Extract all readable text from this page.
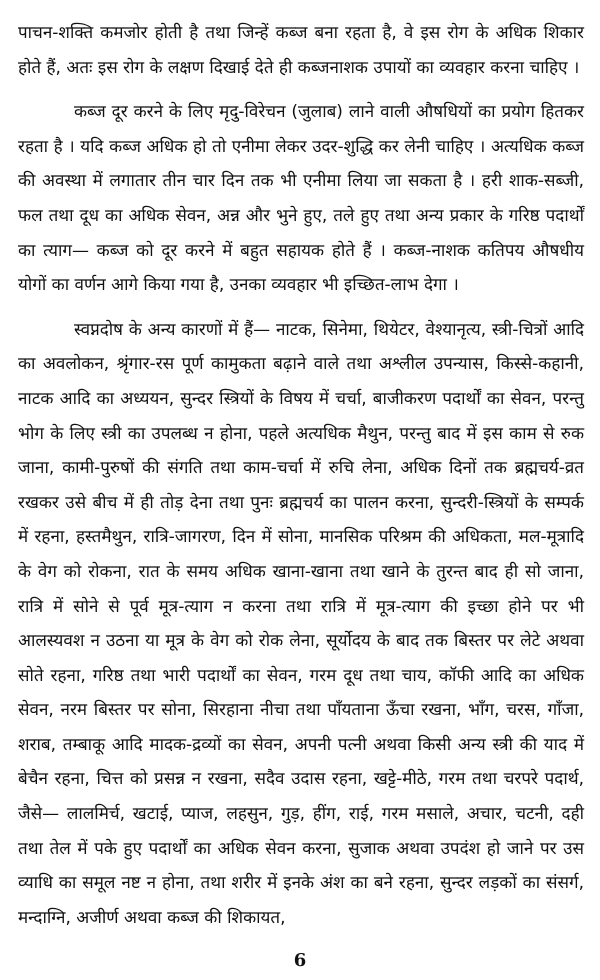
पाचन-शक्ति कमजोर होती है तथा जिन्हें कब्ज बना रहता है, वे इस रोग के अधिक शिकार होते हैं, अतः इस रोग के लक्षण दिखाई देते ही कब्जनाशक उपायों का व्यवहार करना चाहिए ।

कब्ज दूर करने के लिए मृदु-विरेचन (जुलाब) लाने वाली औषधियों का प्रयोग हितकर रहता है । यदि कब्ज अधिक हो तो एनीमा लेकर उदर-शुद्धि कर लेनी चाहिए । अत्यधिक कब्ज की अवस्था में लगातार तीन चार दिन तक भी एनीमा लिया जा सकता है । हरी शाक-सब्जी, फल तथा दूध का अधिक सेवन, अन्न और भुने हुए, तले हुए तथा अन्य प्रकार के गरिष्ठ पदार्थों का त्याग— कब्ज को दूर करने में बहुत सहायक होते हैं । कब्ज-नाशक कतिपय औषधीय योगों का वर्णन आगे किया गया है, उनका व्यवहार भी इच्छित-लाभ देगा ।

स्वप्नदोष के अन्य कारणों में हैं— नाटक, सिनेमा, थियेटर, वेश्यानृत्य, स्त्री-चित्रों आदि का अवलोकन, श्रृंगार-रस पूर्ण कामुकता बढ़ाने वाले तथा अश्लील उपन्यास, किस्से-कहानी, नाटक आदि का अध्ययन, सुन्दर स्त्रियों के विषय में चर्चा, बाजीकरण पदार्थों का सेवन, परन्तु भोग के लिए स्त्री का उपलब्ध न होना, पहले अत्यधिक मैथुन, परन्तु बाद में इस काम से रुक जाना, कामी-पुरुषों की संगति तथा काम-चर्चा में रुचि लेना, अधिक दिनों तक ब्रह्मचर्य-व्रत रखकर उसे बीच में ही तोड़ देना तथा पुनः ब्रह्मचर्य का पालन करना, सुन्दरी-स्त्रियों के सम्पर्क में रहना, हस्तमैथुन, रात्रि-जागरण, दिन में सोना, मानसिक परिश्रम की अधिकता, मल-मूत्रादि के वेग को रोकना, रात के समय अधिक खाना-खाना तथा खाने के तुरन्त बाद ही सो जाना, रात्रि में सोने से पूर्व मूत्र-त्याग न करना तथा रात्रि में मूत्र-त्याग की इच्छा होने पर भी आलस्यवश न उठना या मूत्र के वेग को रोक लेना, सूर्योदय के बाद तक बिस्तर पर लेटे अथवा सोते रहना, गरिष्ठ तथा भारी पदार्थों का सेवन, गरम दूध तथा चाय, कॉफी आदि का अधिक सेवन, नरम बिस्तर पर सोना, सिरहाना नीचा तथा पाँयताना ऊँचा रखना, भाँग, चरस, गाँजा, शराब, तम्बाकू आदि मादक-द्रव्यों का सेवन, अपनी पत्नी अथवा किसी अन्य स्त्री की याद में बेचैन रहना, चित्त को प्रसन्न न रखना, सदैव उदास रहना, खट्टे-मीठे, गरम तथा चरपरे पदार्थ, जैसे— लालमिर्च, खटाई, प्याज, लहसुन, गुड़, हींग, राई, गरम मसाले, अचार, चटनी, दही तथा तेल में पके हुए पदार्थों का अधिक सेवन करना, सुजाक अथवा उपदंश हो जाने पर उस व्याधि का समूल नष्ट न होना, तथा शरीर में इनके अंश का बने रहना, सुन्दर लड़कों का संसर्ग, मन्दाग्नि, अजीर्ण अथवा कब्ज की शिकायत,

6
